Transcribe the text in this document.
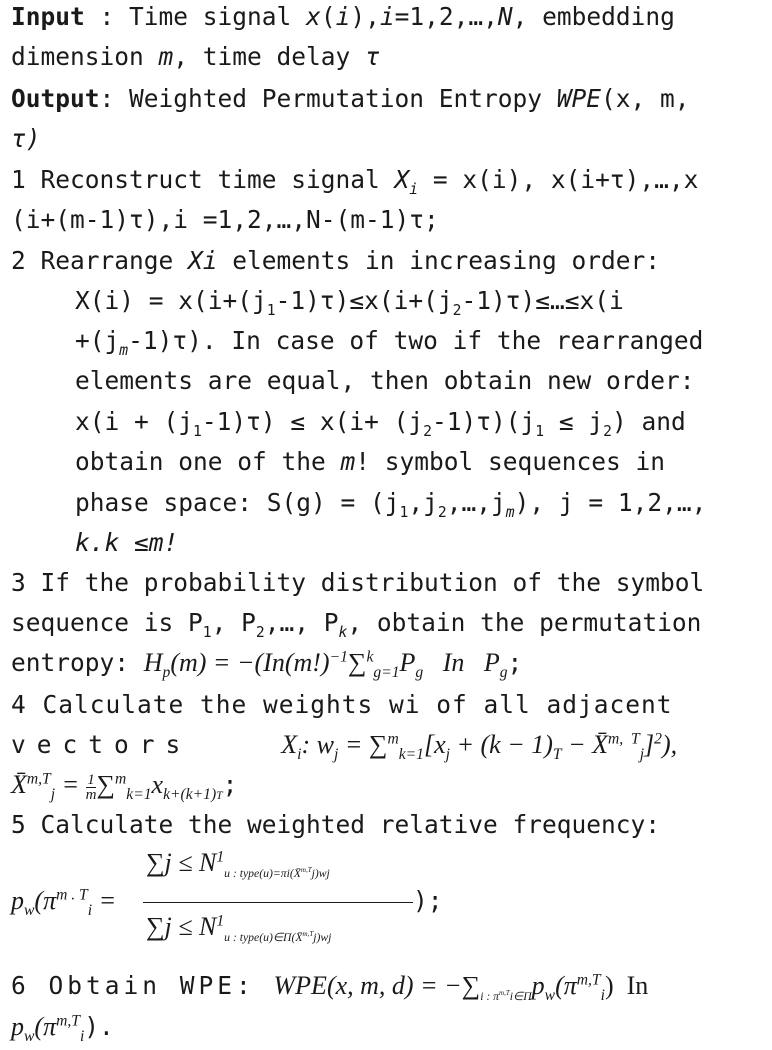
Input : Time signal x(i),i=1,2,…,N, embedding
dimension m, time delay τ
Output: Weighted Permutation Entropy WPE(x, m,
τ)
1 Reconstruct time signal $X_i = x(i)$, x(i+τ),…,x
(i+(m-1)τ),i =1,2,…,N-(m-1)τ;
2 Rearrange Xi elements in increasing order:
$X(i) = x(i+(j_1-1)\tau)\le x(i+(j_2-1)\tau)\le\dots\le x(i$
$+(j_m-1)\tau$). In case of two if the rearranged
elements are equal, then obtain new order:
$x(i + (j_1-1)\tau) \le x(i+ (j_2-1)\tau)(j_1 \le j_2)$ and
obtain one of the m! symbol sequences in
phase space: $S(g) = (j_1,j_2,\dots,j_m)$, j = 1,2,…,
k.k ≤m!
3 If the probability distribution of the symbol
sequence is $P_1$, $P_2,\dots$, $P_k$, obtain the permutation
entropy: $H_p(m) = -(In(m!)^{-1}\sum^k_{g=1}P_g$   In   $P_g$;
4 Calculate the weights wi of all adjacent
vectors	$X_i$: $w_j = \sum^m_{k=1}[x_j + (k - 1)_T$ − X̄$^{m, T}_j$]$^2$),
X̄$^{m,T}_j$ = $\frac{1}{m} \sum^m_{k=1}x_{k+(k+1)T}$;
5 Calculate the weighted relative frequency:
$p_w(\pi^{m . T}_i$ =
$\sum j \le N^1_{u : type(u)=\pi i(X̄^{m,T}j)wj}$
$\sum j \le N^1_{u : type(u)\in\Pi(X̄^{m,T}j)wj}$
);
6 Obtain WPE: WPE(x, m, $d) = -\sum_{i : \pi^{m,T}i\in\Pi}p_w(\pi^{m,T}_i)$  In
$p_w(\pi^{m,T}_i)$.
